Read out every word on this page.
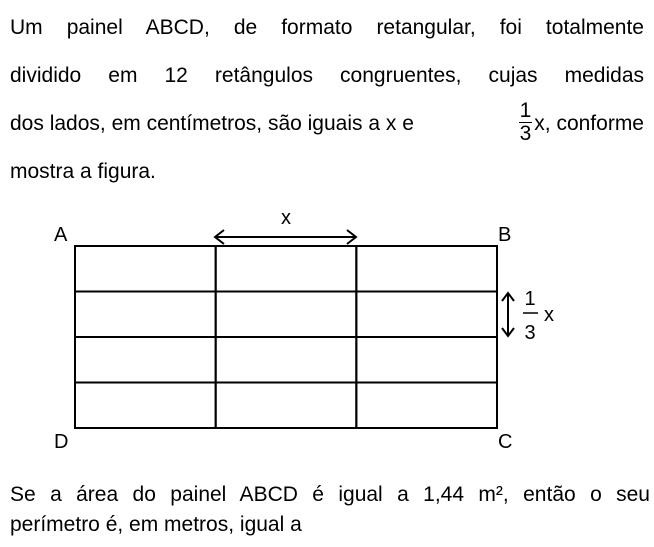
Um painel ABCD, de formato retangular, foi totalmente
dividido em 12 retângulos congruentes, cujas medidas
dos lados, em centímetros, são iguais a x e	$\frac{1}{3} x$, conforme
mostra a figura.
x
1
3
x
A	B
C
D
Se a área do painel ABCD é igual a 1,44 m², então o seu
perímetro é, em metros, igual a
